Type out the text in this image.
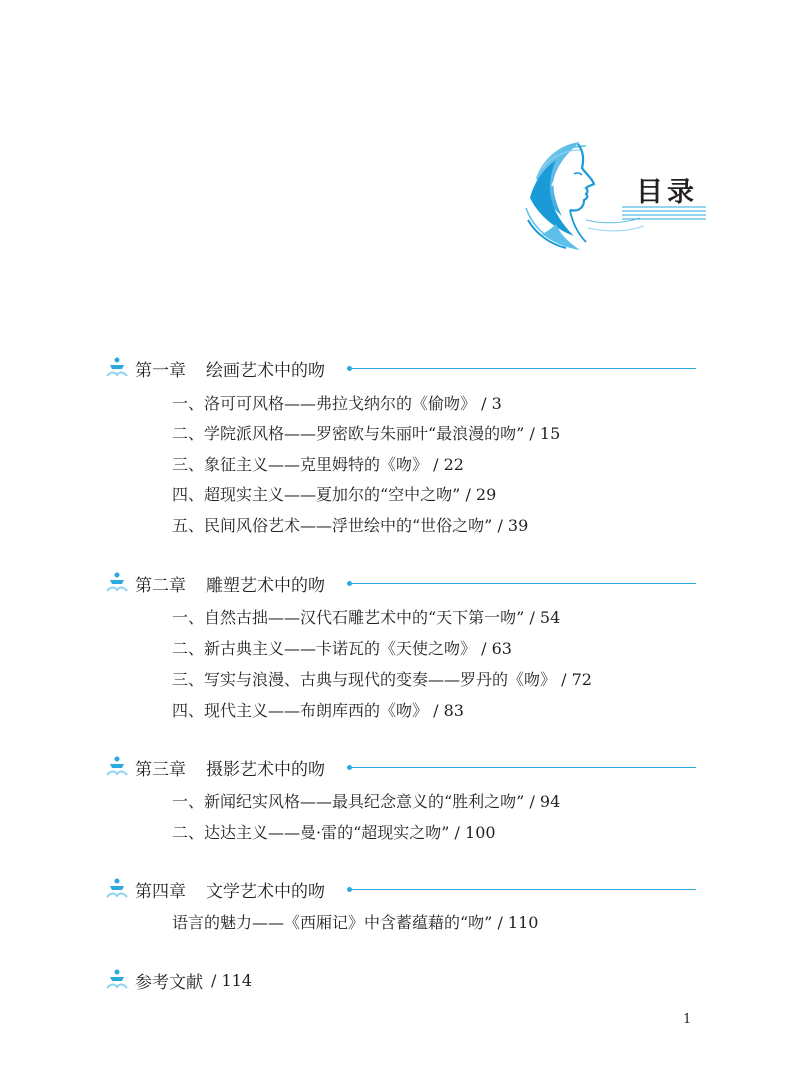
目录
第一章 绘画艺术中的吻
一、洛可可风格——弗拉戈纳尔的《偷吻》 / 3
二、学院派风格——罗密欧与朱丽叶“最浪漫的吻” / 15
三、象征主义——克里姆特的《吻》 / 22
四、超现实主义——夏加尔的“空中之吻” / 29
五、民间风俗艺术——浮世绘中的“世俗之吻” / 39
第二章 雕塑艺术中的吻
一、自然古拙——汉代石雕艺术中的“天下第一吻” / 54
二、新古典主义——卡诺瓦的《天使之吻》 / 63
三、写实与浪漫、古典与现代的变奏——罗丹的《吻》 / 72
四、现代主义——布朗库西的《吻》 / 83
第三章 摄影艺术中的吻
一、新闻纪实风格——最具纪念意义的“胜利之吻” / 94
二、达达主义——曼·雷的“超现实之吻” / 100
第四章 文学艺术中的吻
语言的魅力——《西厢记》中含蓄蕴藉的“吻” / 110
参考文献 / 114
1
